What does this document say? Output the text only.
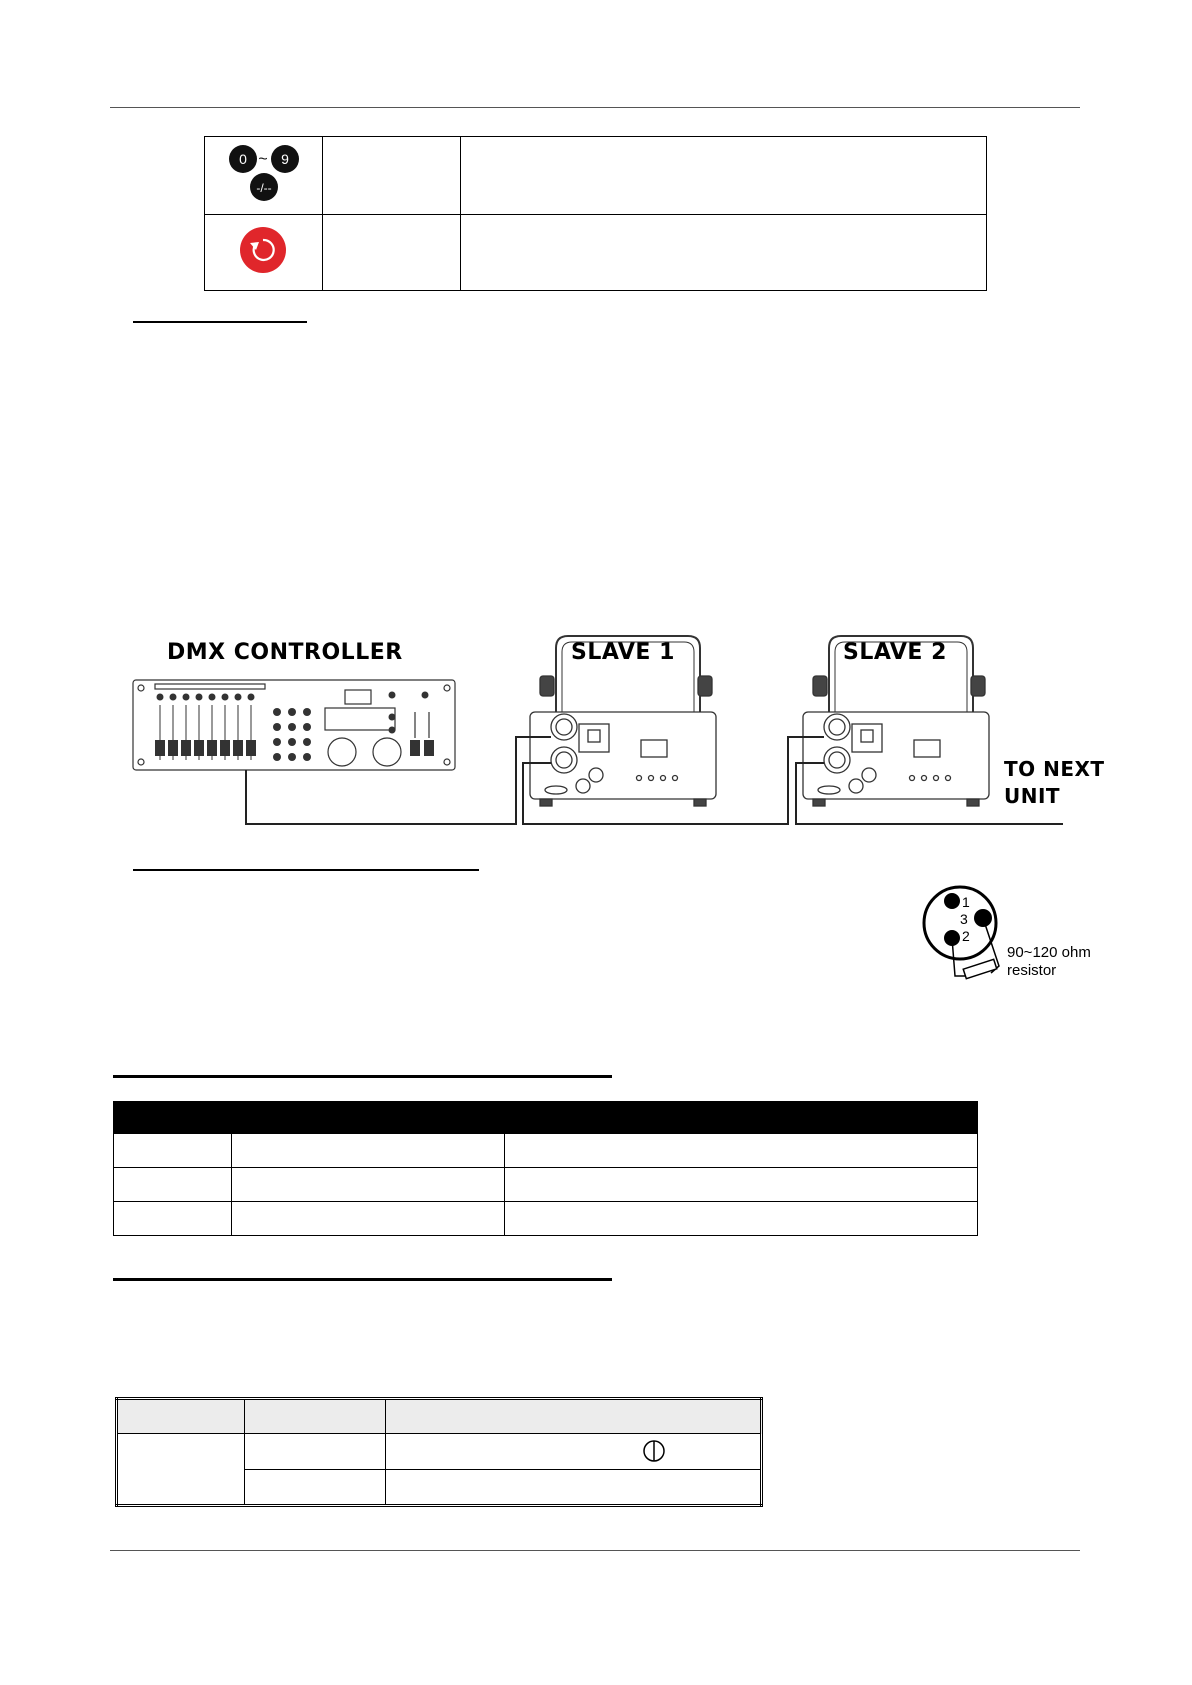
0 ~ 9
-/--		

DMX CONTROLLER	SLAVE 1	SLAVE 2
TO NEXT
UNIT
1
3
2
90~120 ohm
resistor
